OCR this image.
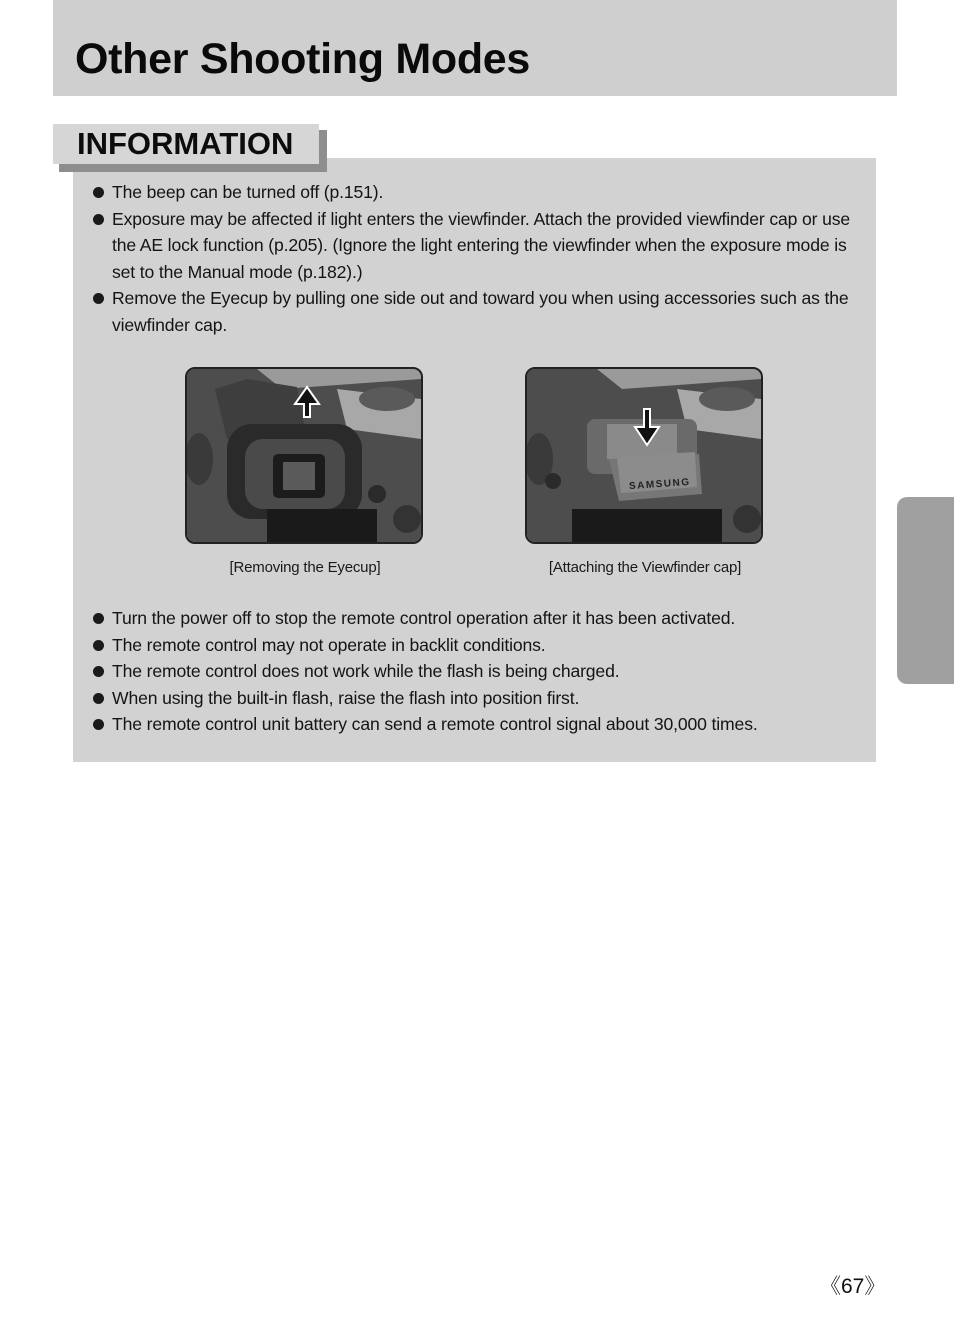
Other Shooting Modes
INFORMATION
The beep can be turned off (p.151).
Exposure may be affected if light enters the viewfinder. Attach the provided viewfinder cap or use the AE lock function (p.205). (Ignore the light entering the viewfinder when the exposure mode is set to the Manual mode (p.182).)
Remove the Eyecup by pulling one side out and toward you when using accessories such as the viewfinder cap.
SAMSUNG
[Removing the Eyecup]	[Attaching the Viewfinder cap]
Turn the power off to stop the remote control operation after it has been activated.
The remote control may not operate in backlit conditions.
The remote control does not work while the flash is being charged.
When using the built-in flash, raise the flash into position first.
The remote control unit battery can send a remote control signal about 30,000 times.
《67》
